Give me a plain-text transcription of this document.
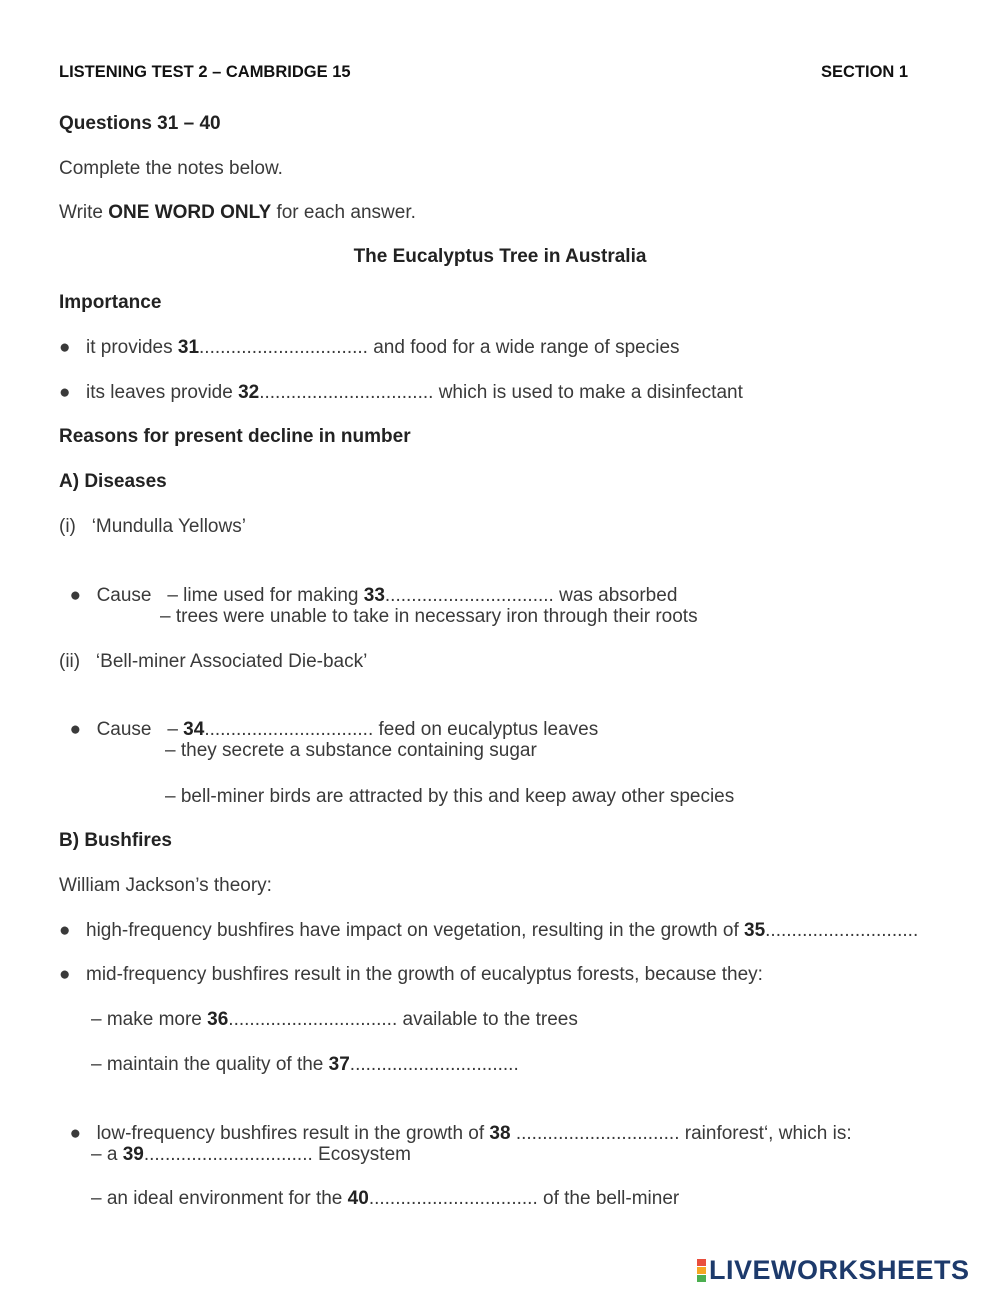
LISTENING TEST 2 – CAMBRIDGE 15	SECTION 1
Questions 31 – 40
Complete the notes below.
Write ONE WORD ONLY for each answer.
The Eucalyptus Tree in Australia
Importance
● it provides 31................................ and food for a wide range of species
● its leaves provide 32................................. which is used to make a disinfectant
Reasons for present decline in number
A) Diseases
(i)   ‘Mundulla Yellows’

● Cause   – lime used for making 33................................ was absorbed

– trees were unable to take in necessary iron through their roots
(ii)   ‘Bell-miner Associated Die-back’

● Cause   – 34................................ feed on eucalyptus leaves

– they secrete a substance containing sugar
– bell-miner birds are attracted by this and keep away other species
B) Bushfires
William Jackson’s theory:
● high-frequency bushfires have impact on vegetation, resulting in the growth of 35.............................
● mid-frequency bushfires result in the growth of eucalyptus forests, because they:
– make more 36................................ available to the trees
– maintain the quality of the 37................................

● low-frequency bushfires result in the growth of 38 ............................... rainforest‘, which is:

– a 39................................ Ecosystem
– an ideal environment for the 40................................ of the bell-miner
LIVEWORKSHEETS
